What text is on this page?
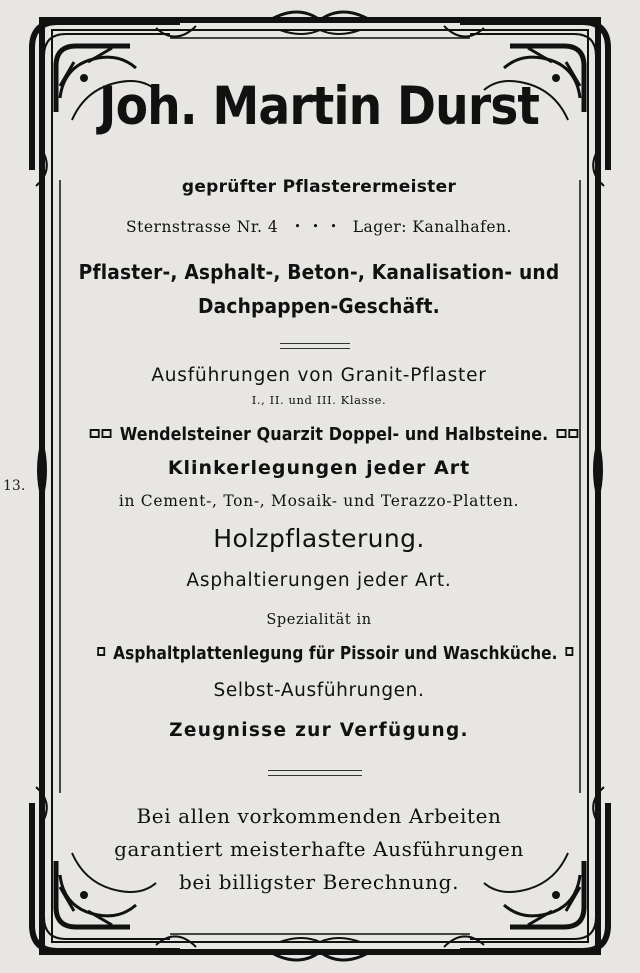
13.
Joh. Martin Durst
geprüfter Pflasterermeister
Sternstrasse Nr. 4 • • • Lager: Kanalhafen.
Pflaster-, Asphalt-, Beton-, Kanalisation- und
Dachpappen-Geschäft.
Ausführungen von Granit-Pflaster
I., II. und III. Klasse.
Wendelsteiner Quarzit Doppel- und Halbsteine.
Klinkerlegungen jeder Art
in Cement-, Ton-, Mosaik- und Terazzo-Platten.
Holzpflasterung.
Asphaltierungen jeder Art.
Spezialität in
Asphaltplattenlegung für Pissoir und Waschküche.
Selbst-Ausführungen.
Zeugnisse zur Verfügung.
Bei allen vorkommenden Arbeiten
garantiert meisterhafte Ausführungen
bei billigster Berechnung.
